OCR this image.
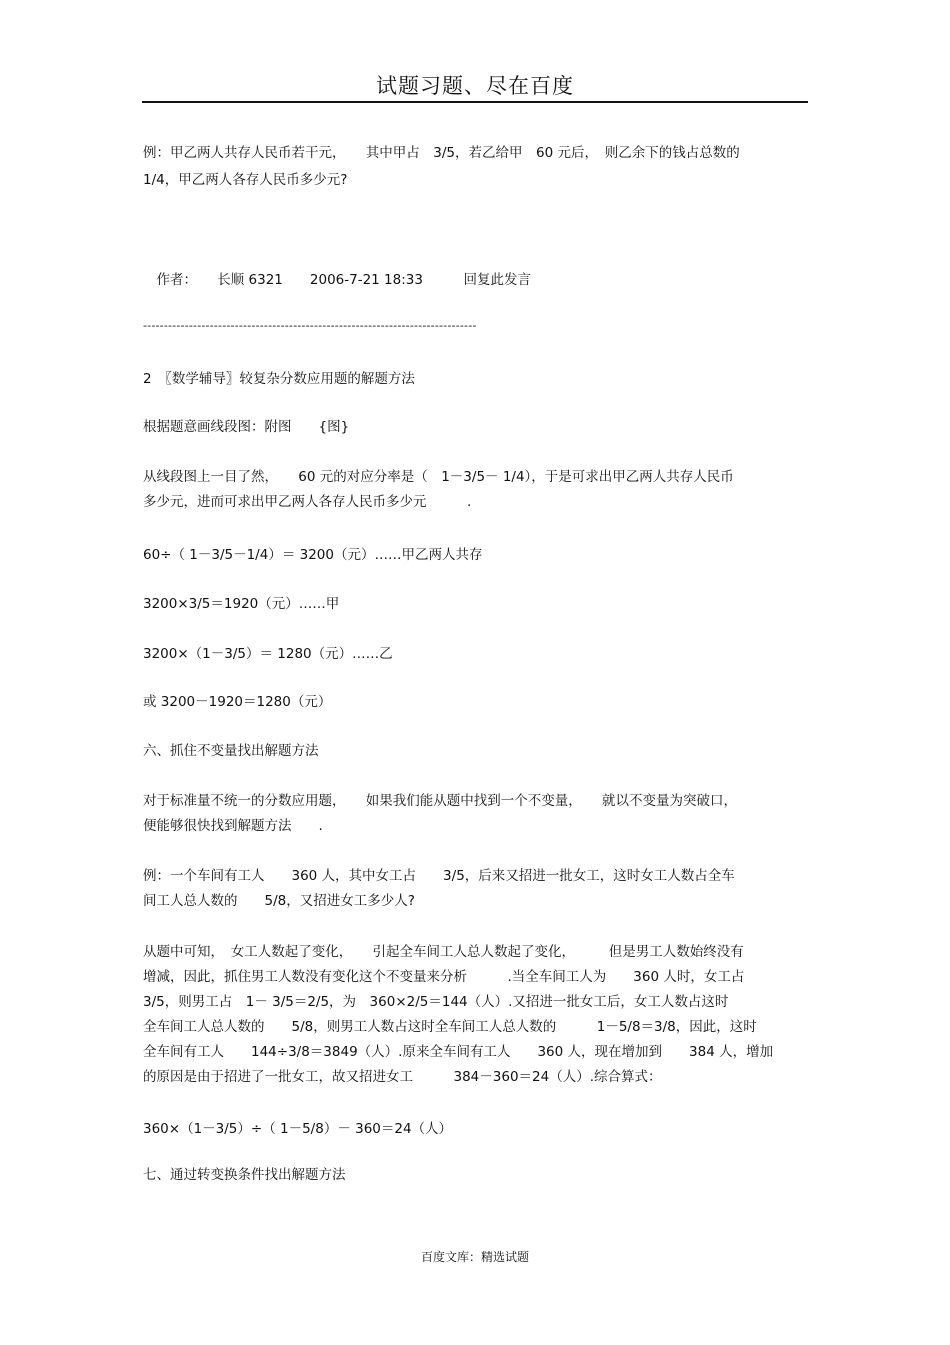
试题习题、尽在百度
例：甲乙两人共存人民币若干元，　　其中甲占　3/5，若乙给甲　60 元后，　则乙余下的钱占总数的
1/4，甲乙两人各存人民币多少元?
　作者：　　长顺 6321　　2006-7-21 18:33　　　回复此发言
--------------------------------------------------------------------------------
2　〖数学辅导〗较复杂分数应用题的解题方法
根据题意画线段图：附图　　{图}
从线段图上一目了然，　　60 元的对应分率是（　1－3/5－ 1/4），于是可求出甲乙两人共存人民币
多少元，进而可求出甲乙两人各存人民币多少元　　　.
60÷（ 1－3/5－1/4）＝ 3200（元）……甲乙两人共存
3200×3/5＝1920（元）……甲
3200×（1－3/5）＝ 1280（元）……乙
或 3200－1920＝1280（元）
六、抓住不变量找出解题方法
对于标准量不统一的分数应用题，　　如果我们能从题中找到一个不变量，　　就以不变量为突破口，
便能够很快找到解题方法　　.
例：一个车间有工人　　360 人，其中女工占　　3/5，后来又招进一批女工，这时女工人数占全车
间工人总人数的　　5/8，又招进女工多少人?
从题中可知，　女工人数起了变化，　　引起全车间工人总人数起了变化，　　　但是男工人数始终没有
增减，因此，抓住男工人数没有变化这个不变量来分析　　　.当全车间工人为　　360 人时，女工占
3/5，则男工占　1－ 3/5＝2/5，为　360×2/5＝144（人）.又招进一批女工后，女工人数占这时
全车间工人总人数的　　5/8，则男工人数占这时全车间工人总人数的　　　1－5/8＝3/8，因此，这时
全车间有工人　　144÷3/8＝3849（人）.原来全车间有工人　　360 人，现在增加到　　384 人，增加
的原因是由于招进了一批女工，故又招进女工　　　384－360＝24（人）.综合算式：
360×（1－3/5）÷（ 1－5/8）－ 360＝24（人）
七、通过转变换条件找出解题方法
百度文库：精选试题
